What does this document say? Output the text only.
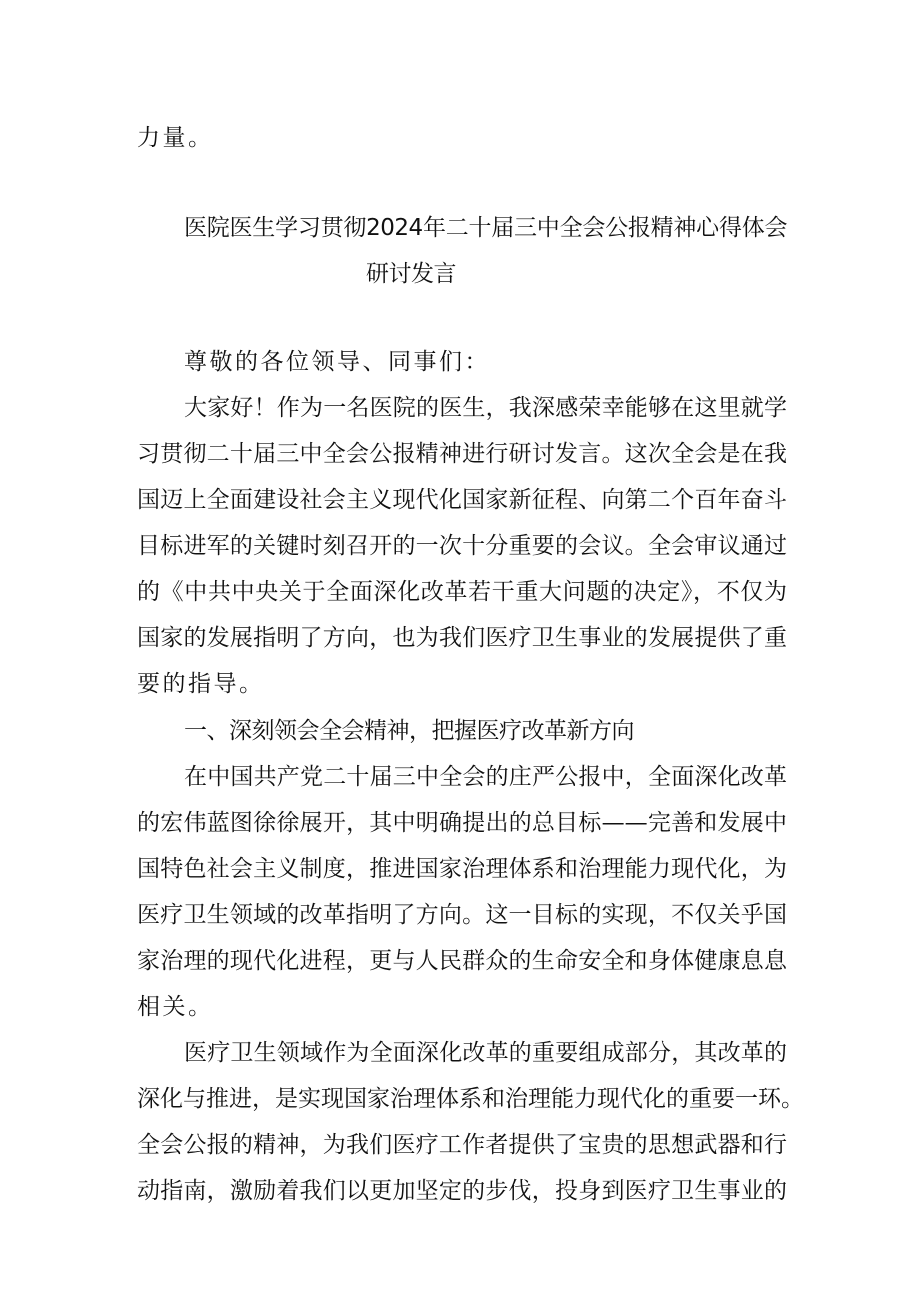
力量。
医院医生学习贯彻2024年二十届三中全会公报精神心得体会
研讨发言
尊敬的各位领导、同事们：
大家好！作为一名医院的医生，我深感荣幸能够在这里就学
习贯彻二十届三中全会公报精神进行研讨发言。这次全会是在我
国迈上全面建设社会主义现代化国家新征程、向第二个百年奋斗
目标进军的关键时刻召开的一次十分重要的会议。全会审议通过
的《中共中央关于全面深化改革若干重大问题的决定》，不仅为
国家的发展指明了方向，也为我们医疗卫生事业的发展提供了重
要的指导。
一、深刻领会全会精神，把握医疗改革新方向
在中国共产党二十届三中全会的庄严公报中，全面深化改革
的宏伟蓝图徐徐展开，其中明确提出的总目标——完善和发展中
国特色社会主义制度，推进国家治理体系和治理能力现代化，为
医疗卫生领域的改革指明了方向。这一目标的实现，不仅关乎国
家治理的现代化进程，更与人民群众的生命安全和身体健康息息
相关。
医疗卫生领域作为全面深化改革的重要组成部分，其改革的
深化与推进，是实现国家治理体系和治理能力现代化的重要一环。
全会公报的精神，为我们医疗工作者提供了宝贵的思想武器和行
动指南，激励着我们以更加坚定的步伐，投身到医疗卫生事业的
